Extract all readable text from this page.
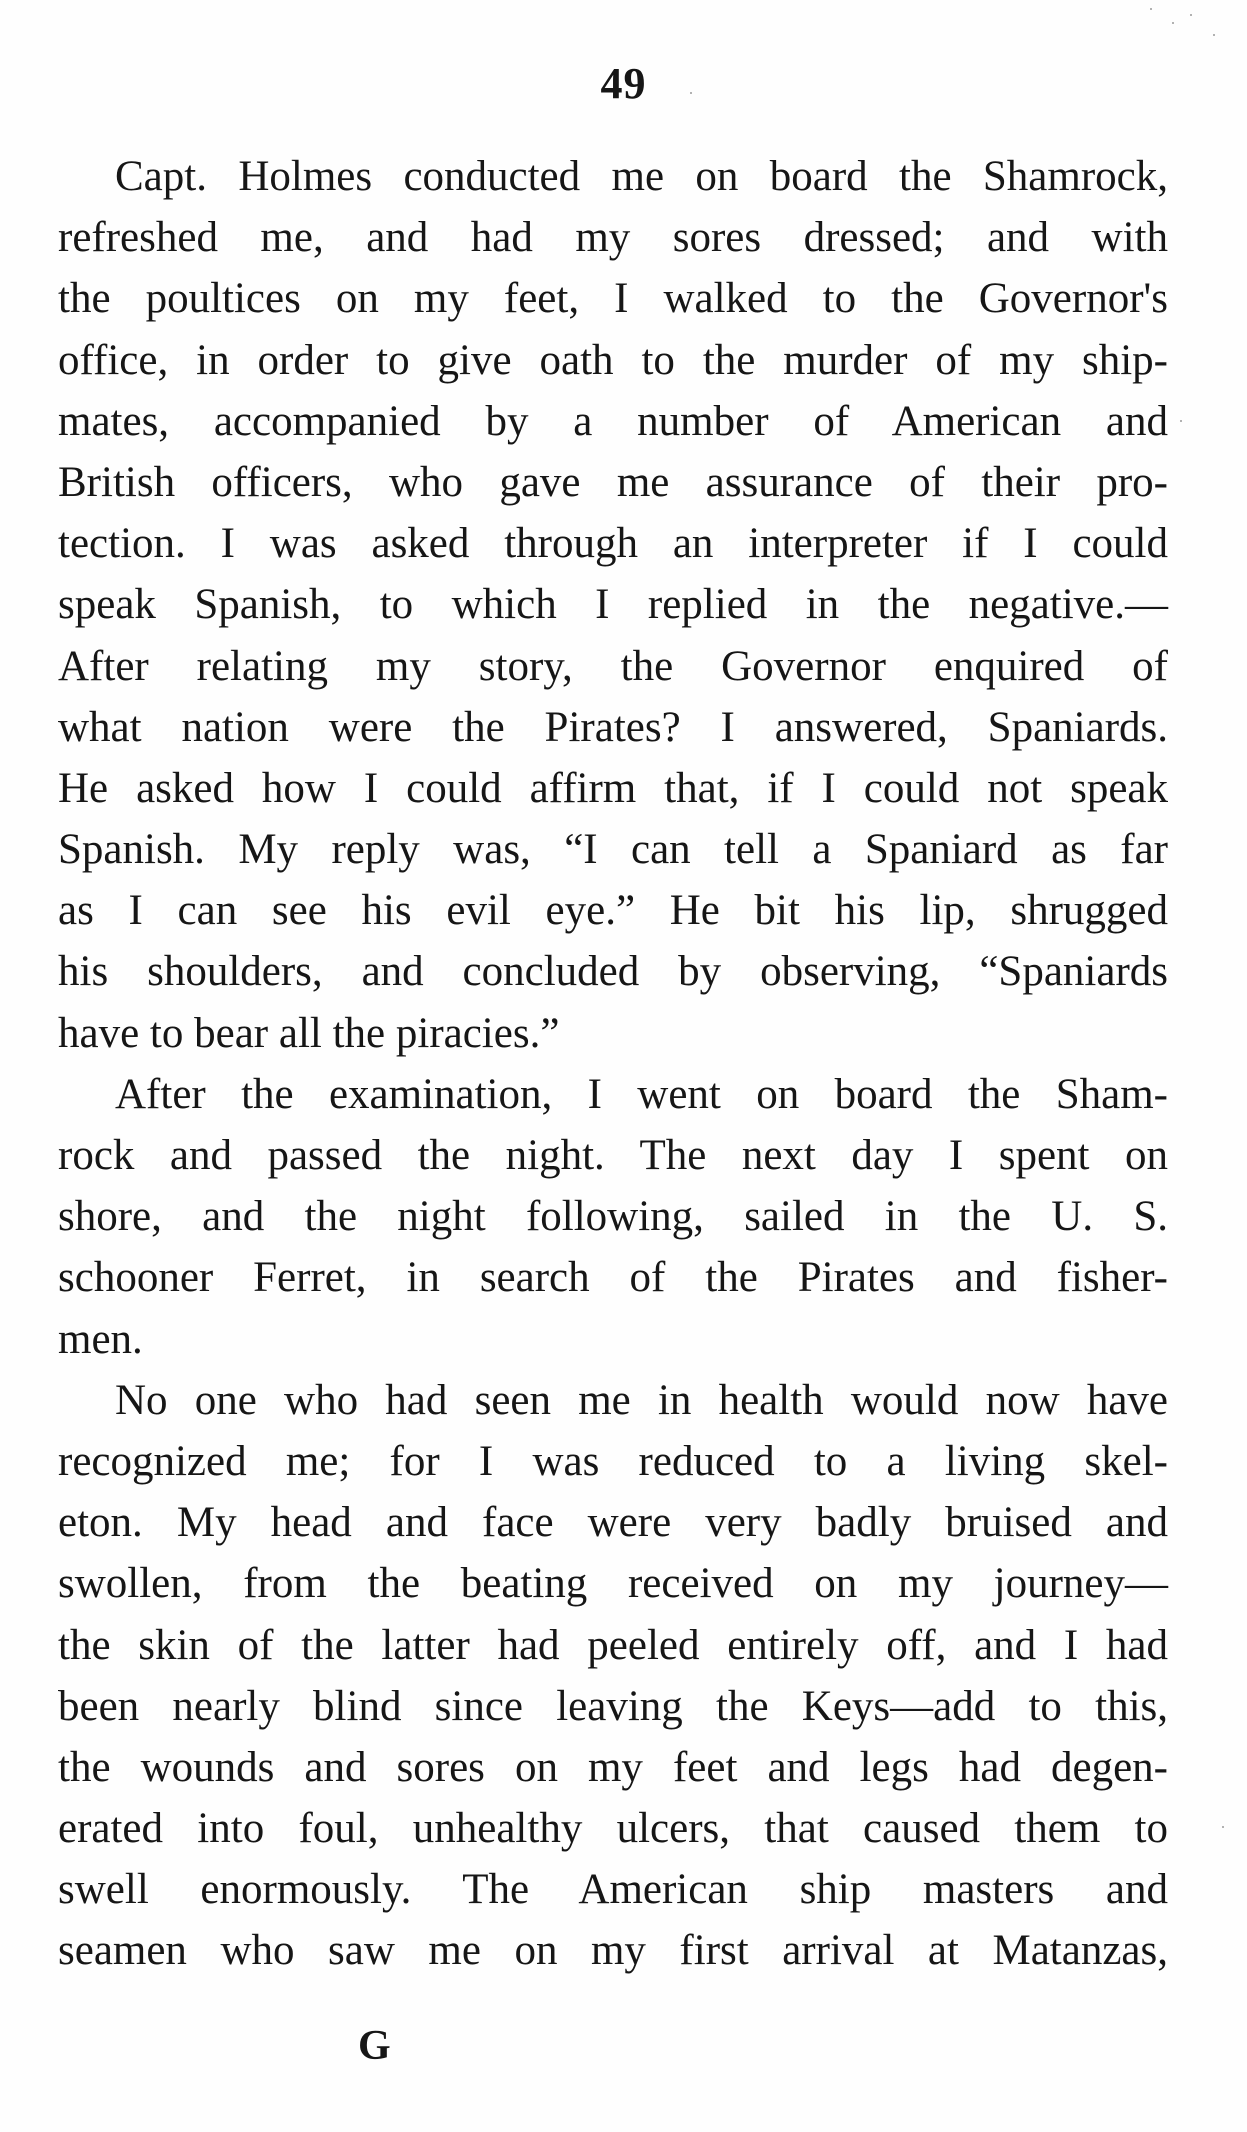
49
Capt. Holmes conducted me on board the Shamrock,
refreshed me, and had my sores dressed; and with
the poultices on my feet, I walked to the Governor's
office, in order to give oath to the murder of my ship-
mates, accompanied by a number of American and
British officers, who gave me assurance of their pro-
tection. I was asked through an interpreter if I could
speak Spanish, to which I replied in the negative.—
After relating my story, the Governor enquired of
what nation were the Pirates? I answered, Spaniards.
He asked how I could affirm that, if I could not speak
Spanish. My reply was, “I can tell a Spaniard as far
as I can see his evil eye.” He bit his lip, shrugged
his shoulders, and concluded by observing, “Spaniards
have to bear all the piracies.”
After the examination, I went on board the Sham-
rock and passed the night. The next day I spent on
shore, and the night following, sailed in the U. S.
schooner Ferret, in search of the Pirates and fisher-
men.
No one who had seen me in health would now have
recognized me; for I was reduced to a living skel-
eton. My head and face were very badly bruised and
swollen, from the beating received on my journey—
the skin of the latter had peeled entirely off, and I had
been nearly blind since leaving the Keys—add to this,
the wounds and sores on my feet and legs had degen-
erated into foul, unhealthy ulcers, that caused them to
swell enormously. The American ship masters and
seamen who saw me on my first arrival at Matanzas,
G
